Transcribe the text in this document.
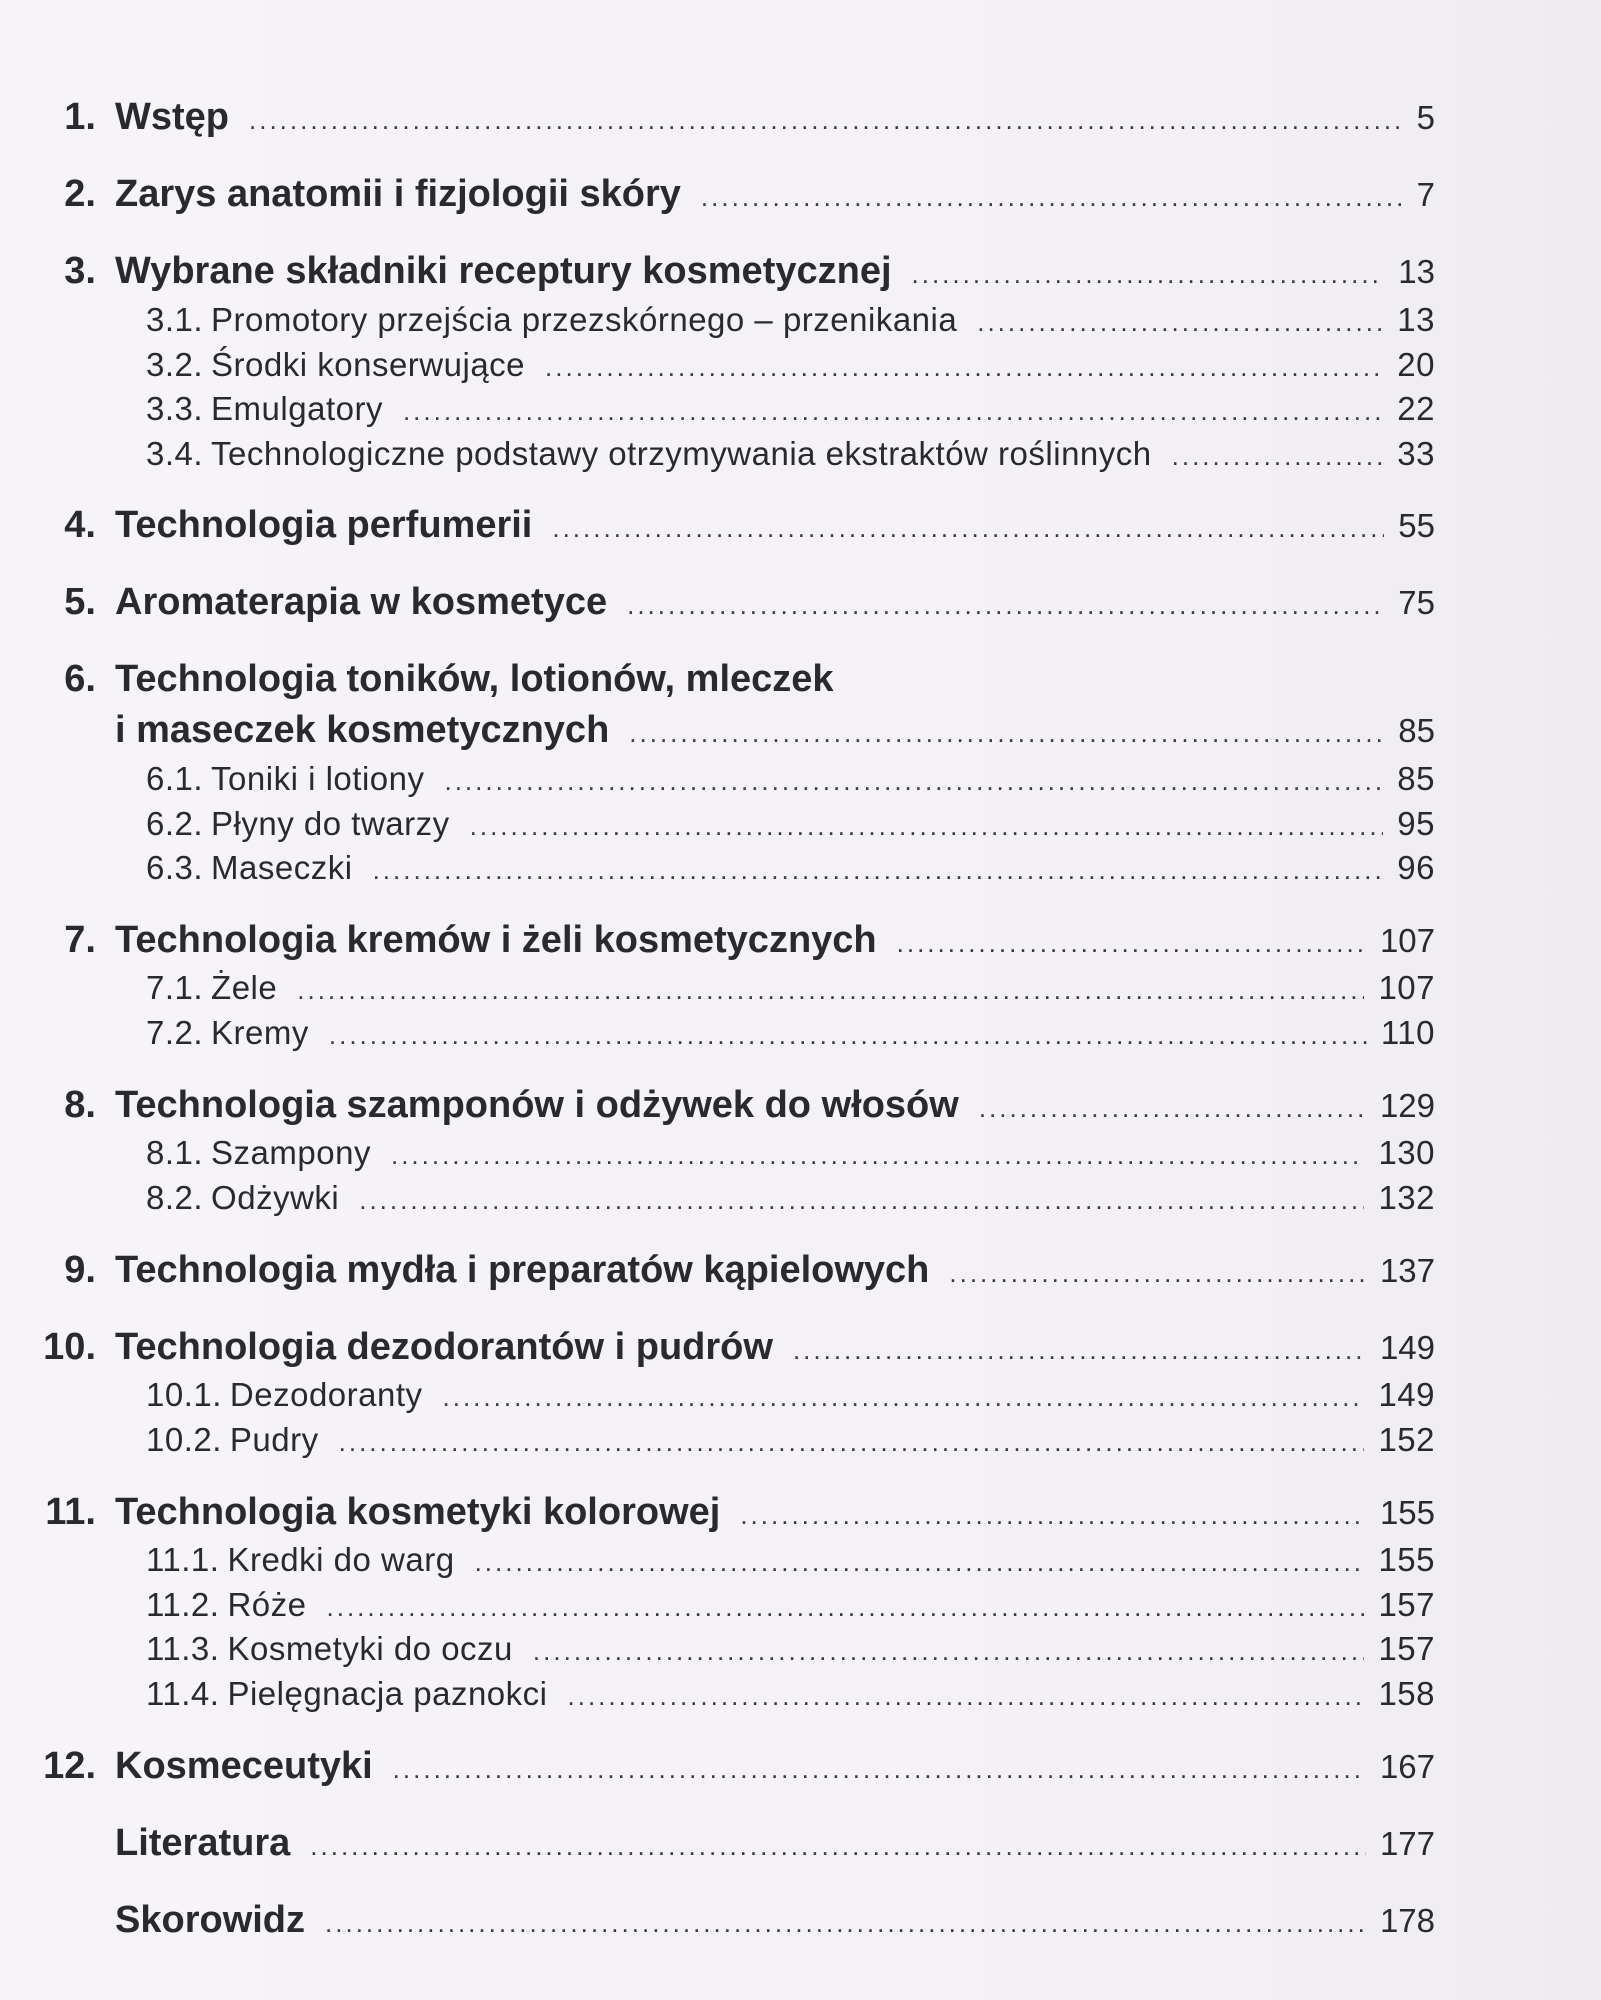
1. Wstęp .....	5
2. Zarys anatomii i fizjologii skóry .....	7
3. Wybrane składniki receptury kosmetycznej .....	13
3.1. Promotory przejścia przezskórnego – przenikania .....	13
3.2. Środki konserwujące .....	20
3.3. Emulgatory .....	22
3.4. Technologiczne podstawy otrzymywania ekstraktów roślinnych .....	33
4. Technologia perfumerii .....	55
5. Aromaterapia w kosmetyce .....	75
6. Technologia toników, lotionów, mleczek
i maseczek kosmetycznych .....	85
6.1. Toniki i lotiony .....	85
6.2. Płyny do twarzy .....	95
6.3. Maseczki .....	96
7. Technologia kremów i żeli kosmetycznych .....	107
7.1. Żele .....	107
7.2. Kremy .....	110
8. Technologia szamponów i odżywek do włosów .....	129
8.1. Szampony .....	130
8.2. Odżywki .....	132
9. Technologia mydła i preparatów kąpielowych .....	137
10. Technologia dezodorantów i pudrów .....	149
10.1. Dezodoranty .....	149
10.2. Pudry .....	152
11. Technologia kosmetyki kolorowej .....	155
11.1. Kredki do warg .....	155
11.2. Róże .....	157
11.3. Kosmetyki do oczu .....	157
11.4. Pielęgnacja paznokci .....	158
12. Kosmeceutyki .....	167
Literatura .....	177
Skorowidz .....	178
